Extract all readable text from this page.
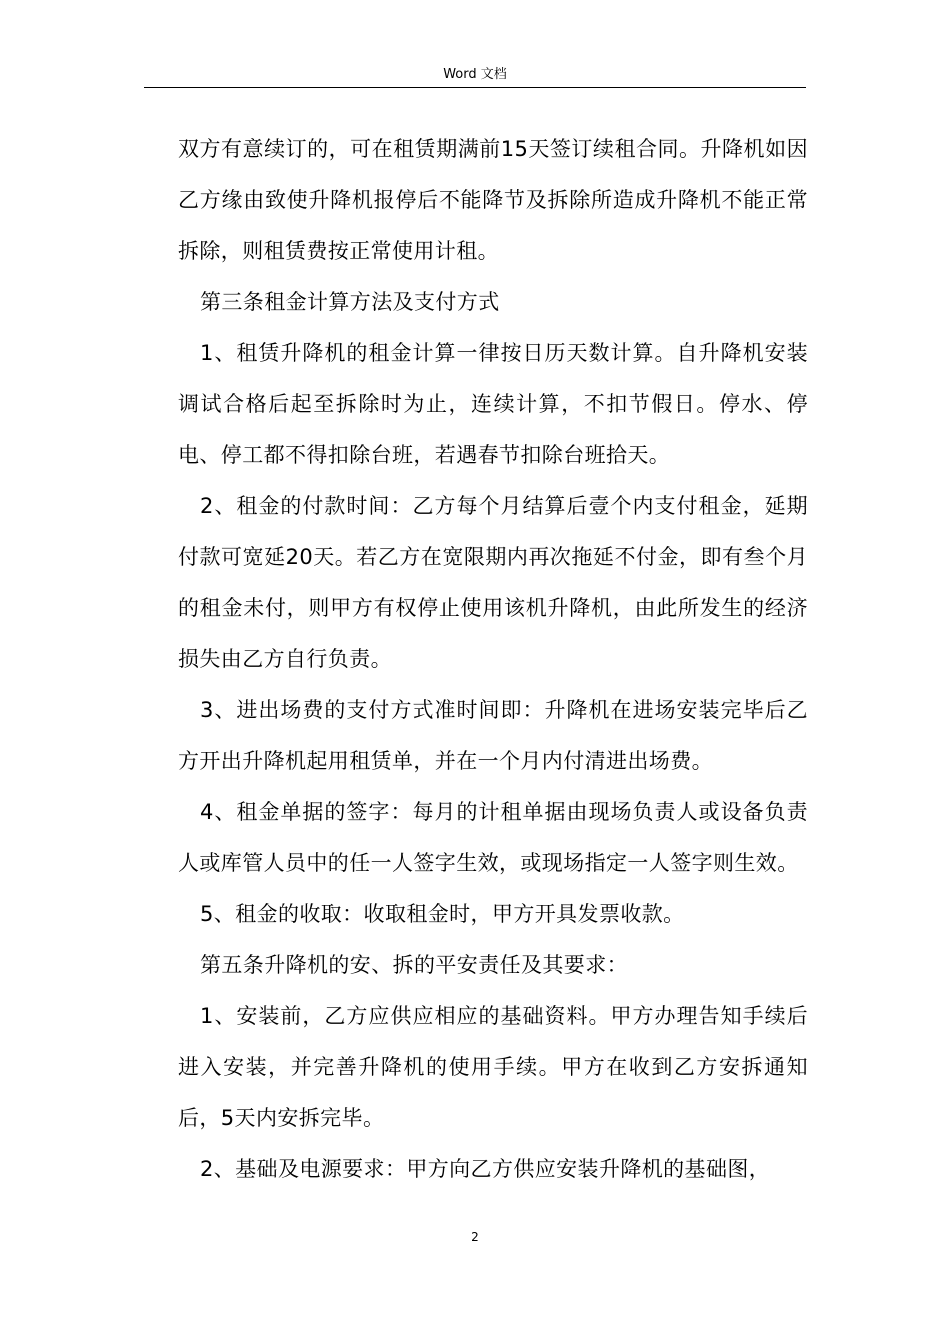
Word 文档

双方有意续订的，可在租赁期满前15天签订续租合同。升降机如因乙方缘由致使升降机报停后不能降节及拆除所造成升降机不能正常拆除，则租赁费按正常使用计租。

第三条租金计算方法及支付方式

1、租赁升降机的租金计算一律按日历天数计算。自升降机安装调试合格后起至拆除时为止，连续计算，不扣节假日。停水、停电、停工都不得扣除台班，若遇春节扣除台班拾天。

2、租金的付款时间：乙方每个月结算后壹个内支付租金，延期付款可宽延20天。若乙方在宽限期内再次拖延不付金，即有叁个月的租金未付，则甲方有权停止使用该机升降机，由此所发生的经济损失由乙方自行负责。

3、进出场费的支付方式准时间即：升降机在进场安装完毕后乙方开出升降机起用租赁单，并在一个月内付清进出场费。

4、租金单据的签字：每月的计租单据由现场负责人或设备负责人或库管人员中的任一人签字生效，或现场指定一人签字则生效。

5、租金的收取：收取租金时，甲方开具发票收款。

第五条升降机的安、拆的平安责任及其要求：

1、安装前，乙方应供应相应的基础资料。甲方办理告知手续后进入安装，并完善升降机的使用手续。甲方在收到乙方安拆通知后，5天内安拆完毕。

2、基础及电源要求：甲方向乙方供应安装升降机的基础图，

2
